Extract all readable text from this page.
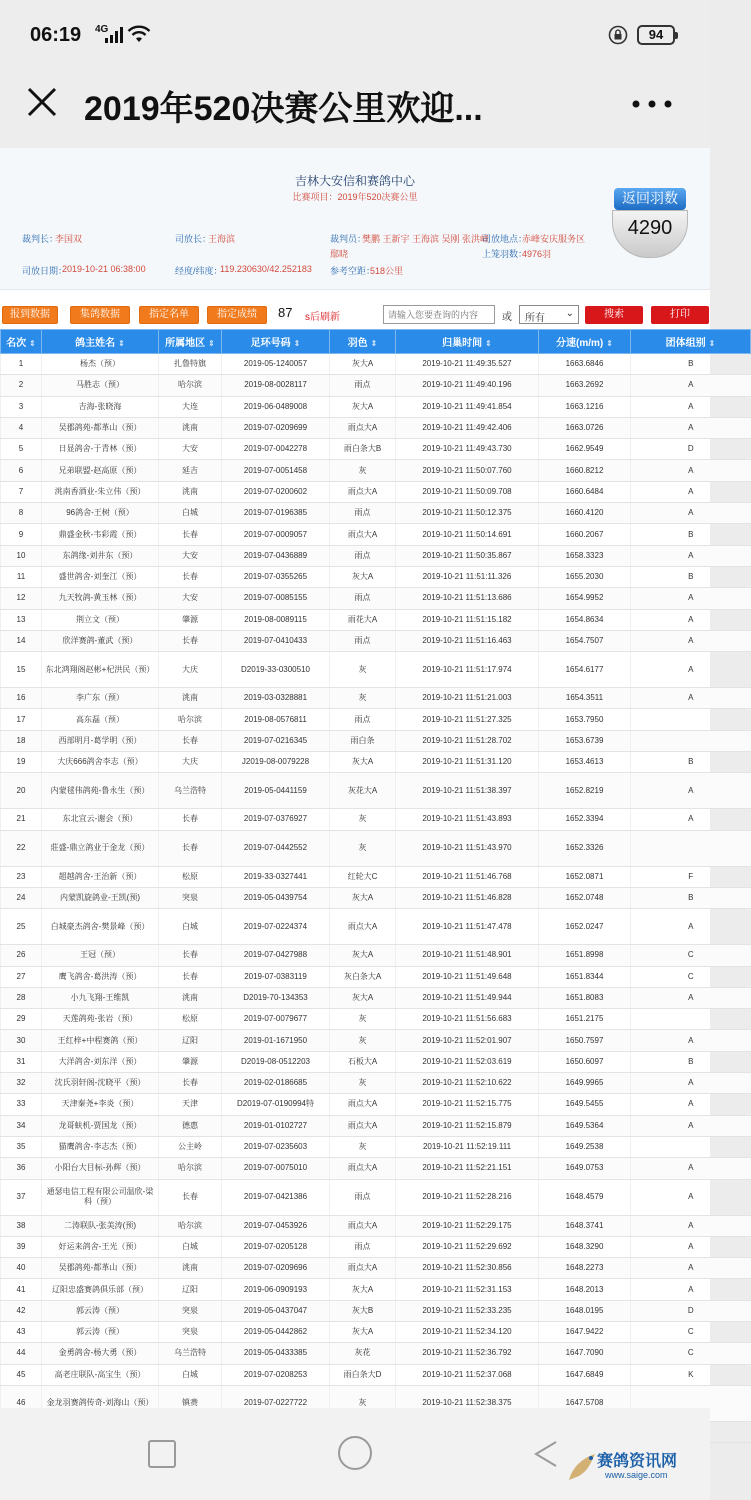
06:19 4G	94
2019年520决赛公里欢迎...
吉林大安信和赛鸽中心
比赛项目：2019年520决赛公里
裁判长：
李国双	司放长：
王海滨	裁判员：
樊鹏 王新宇 王海滨 吴刚 张洪峰
鄢晓
司放地点：
赤峰安庆服务区
上笼羽数：
4976羽
司放日期：
2019-10-21 06:38:00	经度/纬度：
119.230630/42.252183 参考空距：
518公里
返回羽数
4290
报到数据	集鸽数据	指定名单	指定成绩	87 s后刷新
请输入您要查询的内容	或	所有 ⌄	搜索	打印
名次 ⇕	鸽主姓名 ⇕	所属地区 ⇕	足环号码 ⇕	羽色 ⇕	归巢时间 ⇕	分速(m/m) ⇕	团体组别 ⇕
1	杨杰（预）	扎鲁特旗	2019-05-1240057	灰大A	2019-10-21 11:49:35.527	1663.6846	B
2	马胜志（预）	哈尔滨	2019-08-0028117	雨点	2019-10-21 11:49:40.196	1663.2692	A
3	吉海-张晓海	大连	2019-06-0489008	灰大A	2019-10-21 11:49:41.854	1663.1216	A
4	吴郡鸽苑-都革山（预）	洮南	2019-07-0209699	雨点大A	2019-10-21 11:49:42.406	1663.0726	A
5	日显鸽舍-于青林（预）	大安	2019-07-0042278	雨白条大B	2019-10-21 11:49:43.730	1662.9549	D
6	兄弟联盟-赵高原（预）	延吉	2019-07-0051458	灰	2019-10-21 11:50:07.760	1660.8212	A
7	洮南香酒业-朱立伟（预）	洮南	2019-07-0200602	雨点大A	2019-10-21 11:50:09.708	1660.6484	A
8	96鸽舍-王树（预）	白城	2019-07-0196385	雨点	2019-10-21 11:50:12.375	1660.4120	A
9	鼎盛金秋-韦彩霞（预）	长春	2019-07-0009057	雨点大A	2019-10-21 11:50:14.691	1660.2067	B
10	东鸽缘-刘井东（预）	大安	2019-07-0436889	雨点	2019-10-21 11:50:35.867	1658.3323	A
11	盛世鸽舍-刘奎江（预）	长春	2019-07-0355265	灰大A	2019-10-21 11:51:11.326	1655.2030	B
12	九天牧鸽-黄玉林（预）	大安	2019-07-0085155	雨点	2019-10-21 11:51:13.686	1654.9952	A
13	荆立文（预）	肇源	2019-08-0089115	雨花大A	2019-10-21 11:51:15.182	1654.8634	A
14	欣洋赛鸽-董武（预）	长春	2019-07-0410433	雨点	2019-10-21 11:51:16.463	1654.7507	A
15	东北鸿翔阁赵彬+杞洪民（预）	大庆	D2019-33-0300510	灰	2019-10-21 11:51:17.974	1654.6177	A
16	李广东（预）	洮南	2019-03-0328881	灰	2019-10-21 11:51:21.003	1654.3511	A
17	高东磊（预）	哈尔滨	2019-08-0576811	雨点	2019-10-21 11:51:27.325	1653.7950	
18	西部明月-葛学明（预）	长春	2019-07-0216345	雨白条	2019-10-21 11:51:28.702	1653.6739	
19	大庆666鸽舍李志（预）	大庆	J2019-08-0079228	灰大A	2019-10-21 11:51:31.120	1653.4613	B
20	内蒙毬伟鸽苑-鲁永生（预）	乌兰浩特	2019-05-0441159	灰花大A	2019-10-21 11:51:38.397	1652.8219	A
21	东北宜云-谢会（预）	长春	2019-07-0376927	灰	2019-10-21 11:51:43.893	1652.3394	A
22	莊盛-鼎立鸽业于金龙（预）	长春	2019-07-0442552	灰	2019-10-21 11:51:43.970	1652.3326	
23	超越鸽舍-王治新（预）	松原	2019-33-0327441	红轮大C	2019-10-21 11:51:46.768	1652.0871	F
24	内蒙凯旋鸽业-王凯(预)	突泉	2019-05-0439754	灰大A	2019-10-21 11:51:46.828	1652.0748	B
25	白城豪杰鸽舍-樊景峰（预）	白城	2019-07-0224374	雨点大A	2019-10-21 11:51:47.478	1652.0247	A
26	王冠（预）	长春	2019-07-0427988	灰大A	2019-10-21 11:51:48.901	1651.8998	C
27	鹰飞鸽舍-葛洪涛（预）	长春	2019-07-0383119	灰白条大A	2019-10-21 11:51:49.648	1651.8344	C
28	小九飞翔-王维凯	洮南	D2019-70-134353	灰大A	2019-10-21 11:51:49.944	1651.8083	A
29	天莲鸽苑-张岩（预）	松原	2019-07-0079677	灰	2019-10-21 11:51:56.683	1651.2175	
30	王红梓+中程赛鸽（预）	辽阳	2019-01-1671950	灰	2019-10-21 11:52:01.907	1650.7597	A
31	大洋鸽舍-刘东洋（预）	肇源	D2019-08-0512203	石板大A	2019-10-21 11:52:03.619	1650.6097	B
32	沈氏羽轩阁-沈晓平（预）	长春	2019-02-0186685	灰	2019-10-21 11:52:10.622	1649.9965	A
33	天津秦尧+李炎（预）	天津	D2019-07-0190994特	雨点大A	2019-10-21 11:52:15.775	1649.5455	A
34	龙哥蚨机-贾国龙（预）	德惠	2019-01-0102727	雨点大A	2019-10-21 11:52:15.879	1649.5364	A
35	猫鹰鸽舍-李志杰（预）	公主岭	2019-07-0235603	灰	2019-10-21 11:52:19.111	1649.2538	
36	小阳台大目标-孙辉（预）	哈尔滨	2019-07-0075010	雨点大A	2019-10-21 11:52:21.151	1649.0753	A
37	通瑟电信工程有限公司温欣-梁科（预）	长春	2019-07-0421386	雨点	2019-10-21 11:52:28.216	1648.4579	A
38	二涛联队-张美涛(预)	哈尔滨	2019-07-0453926	雨点大A	2019-10-21 11:52:29.175	1648.3741	A
39	好运来鸽舍-王光（预）	白城	2019-07-0205128	雨点	2019-10-21 11:52:29.692	1648.3290	A
40	吴郡鸽苑-都革山（预）	洮南	2019-07-0209696	雨点大A	2019-10-21 11:52:30.856	1648.2273	A
41	辽阳忠盛赛鸽俱乐部（预）	辽阳	2019-06-0909193	灰大A	2019-10-21 11:52:31.153	1648.2013	A
42	郭云涛（预）	突泉	2019-05-0437047	灰大B	2019-10-21 11:52:33.235	1648.0195	D
43	郭云涛（预）	突泉	2019-05-0442862	灰大A	2019-10-21 11:52:34.120	1647.9422	C
44	金勇鸽舍-杨大勇（预）	乌兰浩特	2019-05-0433385	灰花	2019-10-21 11:52:36.792	1647.7090	C
45	高老庄联队-高宝生（预）	白城	2019-07-0208253	雨白条大D	2019-10-21 11:52:37.068	1647.6849	K
46	金龙羽赛鸽传奇-刘海山（预）	镇赉	2019-07-0227722	灰	2019-10-21 11:52:38.375	1647.5708	

赛鸽资讯网
www.saige.com
